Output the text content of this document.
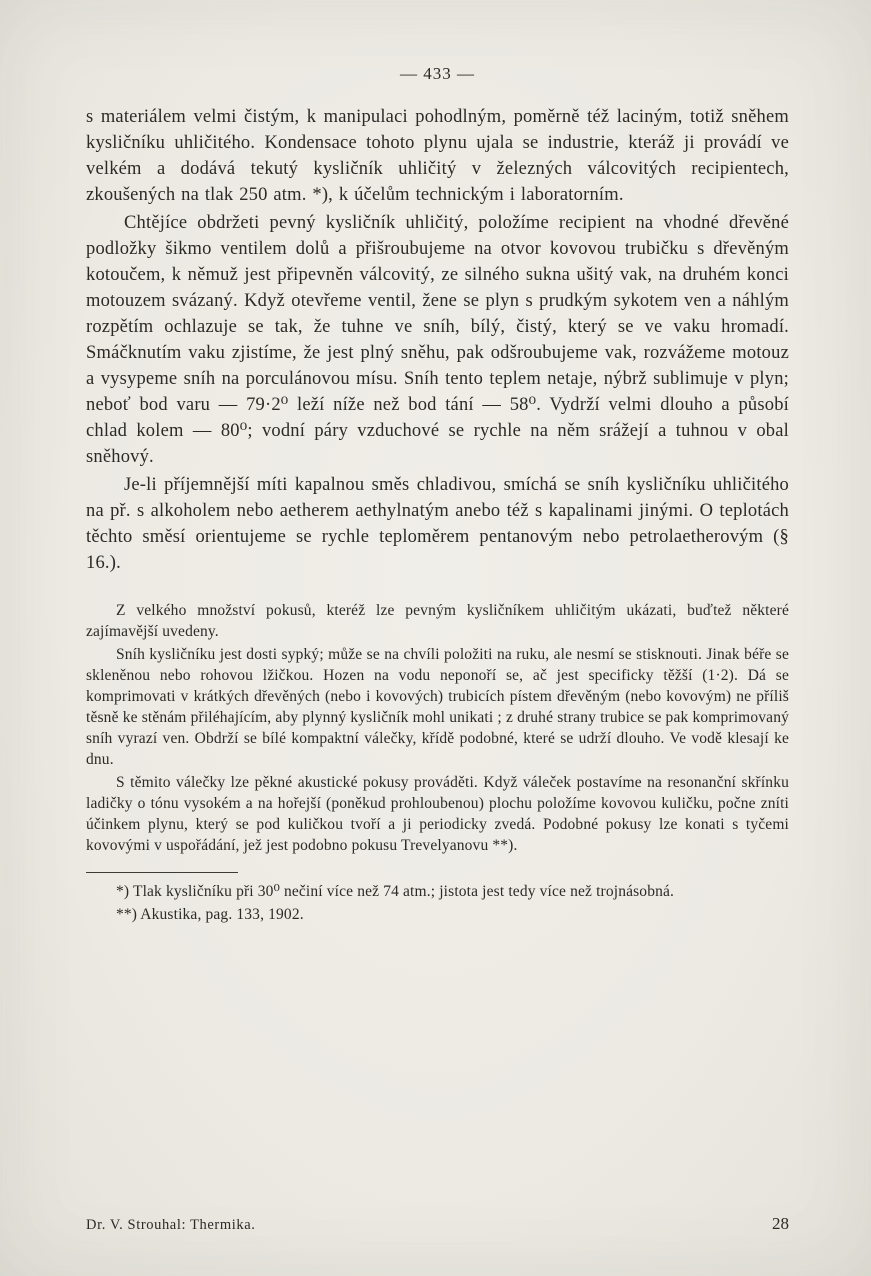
— 433 —

s materiálem velmi čistým, k manipulaci pohodlným, poměrně též laciným, totiž sněhem kysličníku uhličitého. Kondensace tohoto plynu ujala se industrie, kteráž ji provádí ve velkém a dodává tekutý kysličník uhličitý v železných válcovitých recipientech, zkoušených na tlak 250 atm. *), k účelům technickým i laboratorním.

Chtějíce obdržeti pevný kysličník uhličitý, položíme recipient na vhodné dřevěné podložky šikmo ventilem dolů a přišroubujeme na otvor kovovou trubičku s dřevěným kotoučem, k němuž jest připevněn válcovitý, ze silného sukna ušitý vak, na druhém konci motouzem svázaný. Když otevřeme ventil, žene se plyn s prudkým sykotem ven a náhlým rozpětím ochlazuje se tak, že tuhne ve sníh, bílý, čistý, který se ve vaku hromadí. Smáčknutím vaku zjistíme, že jest plný sněhu, pak odšroubujeme vak, rozvážeme motouz a vysypeme sníh na porculánovou mísu. Sníh tento teplem netaje, nýbrž sublimuje v plyn; neboť bod varu — 79·2⁰ leží níže než bod tání — 58⁰. Vydrží velmi dlouho a působí chlad kolem — 80⁰; vodní páry vzduchové se rychle na něm srážejí a tuhnou v obal sněhový.

Je-li příjemnější míti kapalnou směs chladivou, smíchá se sníh kysličníku uhličitého na př. s alkoholem nebo aetherem aethylnatým anebo též s kapalinami jinými. O teplotách těchto směsí orientujeme se rychle teploměrem pentanovým nebo petrolaetherovým (§ 16.).

Z velkého množství pokusů, kteréž lze pevným kysličníkem uhličitým ukázati, buďtež některé zajímavější uvedeny.

Sníh kysličníku jest dosti sypký; může se na chvíli položiti na ruku, ale nesmí se stisknouti. Jinak béře se skleněnou nebo rohovou lžičkou. Hozen na vodu neponoří se, ač jest specificky těžší (1·2). Dá se komprimovati v krátkých dřevěných (nebo i kovových) trubicích pístem dřevěným (nebo kovovým) ne příliš těsně ke stěnám přiléhajícím, aby plynný kysličník mohl unikati ; z druhé strany trubice se pak komprimovaný sníh vyrazí ven. Obdrží se bílé kompaktní válečky, křídě podobné, které se udrží dlouho. Ve vodě klesají ke dnu.

S těmito válečky lze pěkné akustické pokusy prováděti. Když váleček postavíme na resonanční skřínku ladičky o tónu vysokém a na hořejší (poněkud prohloubenou) plochu položíme kovovou kuličku, počne zníti účinkem plynu, který se pod kuličkou tvoří a ji periodicky zvedá. Podobné pokusy lze konati s tyčemi kovovými v uspořádání, jež jest podobno pokusu Trevelyanovu **).

*) Tlak kysličníku při 30⁰ nečiní více než 74 atm.; jistota jest tedy více než trojnásobná.

**) Akustika, pag. 133, 1902.

Dr. V. Strouhal: Thermika.	28
